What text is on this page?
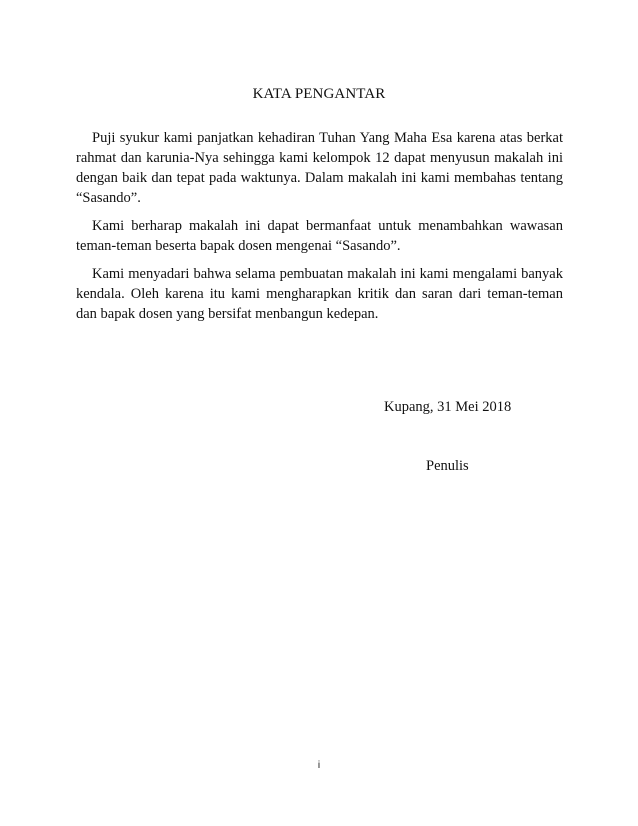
KATA PENGANTAR

Puji syukur kami panjatkan kehadiran Tuhan Yang Maha Esa karena atas berkat rahmat dan karunia-Nya sehingga kami kelompok 12 dapat menyusun makalah ini dengan baik dan tepat pada waktunya. Dalam makalah ini kami membahas tentang “Sasando”.

Kami berharap makalah ini dapat bermanfaat untuk menambahkan wawasan teman-teman beserta bapak dosen mengenai “Sasando”.

Kami menyadari bahwa selama pembuatan makalah ini kami mengalami banyak kendala. Oleh karena itu kami mengharapkan kritik dan saran dari teman-teman dan bapak dosen yang bersifat menbangun kedepan.

Kupang, 31 Mei 2018
Penulis
i
